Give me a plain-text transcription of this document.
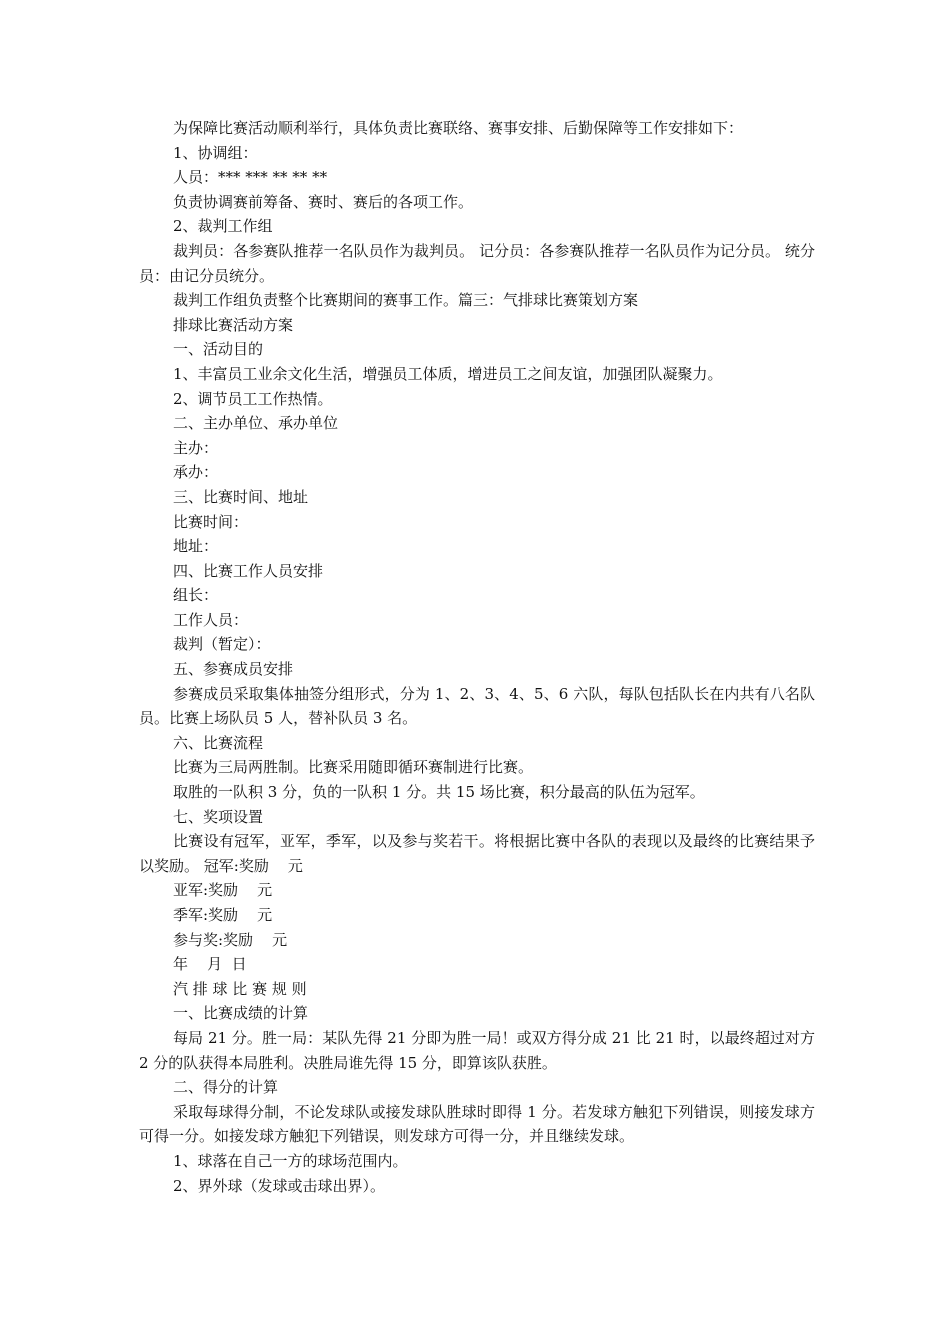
为保障比赛活动顺利举行，具体负责比赛联络、赛事安排、后勤保障等工作安排如下：

1、协调组：

人员：*** *** ** ** **

负责协调赛前筹备、赛时、赛后的各项工作。

2、裁判工作组

裁判员：各参赛队推荐一名队员作为裁判员。 记分员：各参赛队推荐一名队员作为记分员。 统分员：由记分员统分。

裁判工作组负责整个比赛期间的赛事工作。篇三：气排球比赛策划方案

排球比赛活动方案

一、活动目的

1、丰富员工业余文化生活，增强员工体质，增进员工之间友谊，加强团队凝聚力。

2、调节员工工作热情。

二、主办单位、承办单位

主办：

承办：

三、比赛时间、地址

比赛时间：

地址：

四、比赛工作人员安排

组长：

工作人员：

裁判（暂定）：

五、参赛成员安排

参赛成员采取集体抽签分组形式，分为 1、2、3、4、5、6 六队，每队包括队长在内共有八名队员。比赛上场队员 5 人，替补队员 3 名。

六、比赛流程

比赛为三局两胜制。比赛采用随即循环赛制进行比赛。

取胜的一队积 3 分，负的一队积 1 分。共 15 场比赛，积分最高的队伍为冠军。

七、奖项设置

比赛设有冠军，亚军，季军，以及参与奖若干。将根据比赛中各队的表现以及最终的比赛结果予以奖励。 冠军:奖励    元

亚军:奖励    元

季军:奖励    元

参与奖:奖励    元

年    月  日

汽 排 球 比 赛 规 则

一、比赛成绩的计算

每局 21 分。胜一局：某队先得 21 分即为胜一局！或双方得分成 21 比 21 时，以最终超过对方 2 分的队获得本局胜利。决胜局谁先得 15 分，即算该队获胜。

二、得分的计算

采取每球得分制，不论发球队或接发球队胜球时即得 1 分。若发球方触犯下列错误，则接发球方可得一分。如接发球方触犯下列错误，则发球方可得一分，并且继续发球。

1、球落在自己一方的球场范围内。

2、界外球（发球或击球出界）。
